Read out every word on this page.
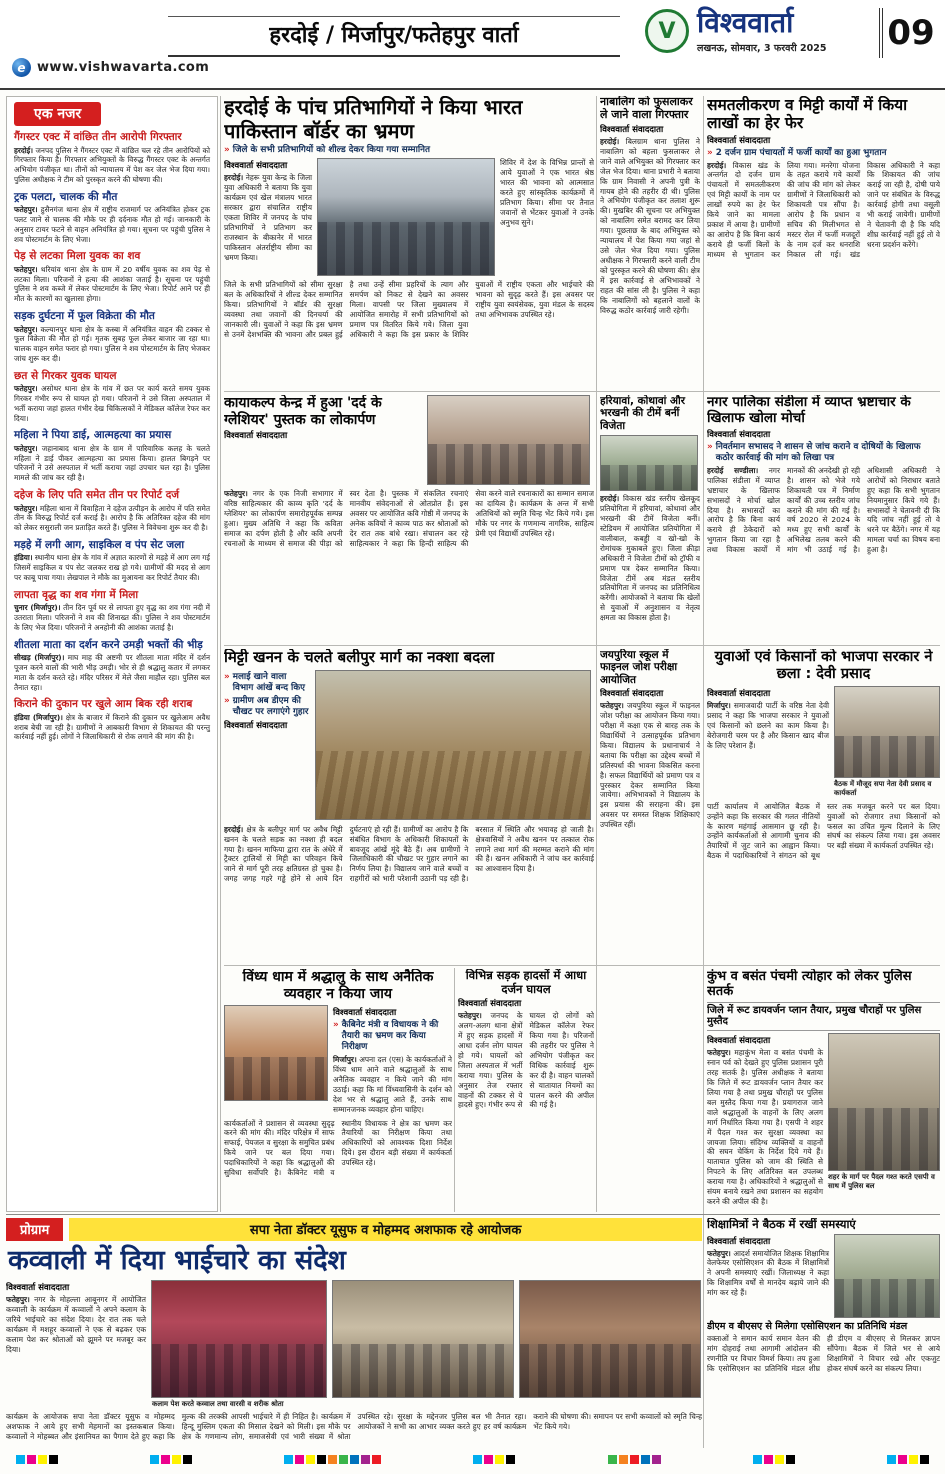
हरदोई / मिर्जापुर/फतेहपुर वार्ता
e www.vishwavarta.com
V विश्ववार्ता
लखनऊ, सोमवार, 3 फरवरी 2025 09
एक नजर
गैंगस्टर एक्ट में वांछित तीन आरोपी गिरफ्तार

हरदोई। जनपद पुलिस ने गैंगस्टर एक्ट में वांछित चल रहे तीन आरोपियों को गिरफ्तार किया है। गिरफ्तार अभियुक्तों के विरुद्ध गैंगस्टर एक्ट के अन्तर्गत अभियोग पंजीकृत था। तीनों को न्यायालय में पेश कर जेल भेज दिया गया। पुलिस अधीक्षक ने टीम को पुरस्कृत करने की घोषणा की।

ट्रक पलटा, चालक की मौत

फतेहपुर। हुसैनगंज थाना क्षेत्र में राष्ट्रीय राजमार्ग पर अनियंत्रित होकर ट्रक पलट जाने से चालक की मौके पर ही दर्दनाक मौत हो गई। जानकारी के अनुसार टायर फटने से वाहन अनियंत्रित हो गया। सूचना पर पहुंची पुलिस ने शव पोस्टमार्टम के लिए भेजा।

पेड़ से लटका मिला युवक का शव

फतेहपुर। थरियांव थाना क्षेत्र के ग्राम में 20 वर्षीय युवक का शव पेड़ से लटका मिला। परिजनों ने हत्या की आशंका जताई है। सूचना पर पहुंची पुलिस ने शव कब्जे में लेकर पोस्टमार्टम के लिए भेजा। रिपोर्ट आने पर ही मौत के कारणों का खुलासा होगा।

सड़क दुर्घटना में फूल विक्रेता की मौत

फतेहपुर। कल्यानपुर थाना क्षेत्र के कस्बा में अनियंत्रित वाहन की टक्कर से फूल विक्रेता की मौत हो गई। मृतक सुबह फूल लेकर बाजार जा रहा था। चालक वाहन समेत फरार हो गया। पुलिस ने शव पोस्टमार्टम के लिए भेजकर जांच शुरू कर दी।

छत से गिरकर युवक घायल

फतेहपुर। असोथर थाना क्षेत्र के गांव में छत पर कार्य करते समय युवक गिरकर गंभीर रूप से घायल हो गया। परिजनों ने उसे जिला अस्पताल में भर्ती कराया जहां हालत गंभीर देख चिकित्सकों ने मेडिकल कॉलेज रेफर कर दिया।

महिला ने पिया डाई, आत्महत्या का प्रयास

फतेहपुर। जहानाबाद थाना क्षेत्र के ग्राम में पारिवारिक कलह के चलते महिला ने डाई पीकर आत्महत्या का प्रयास किया। हालत बिगड़ने पर परिजनों ने उसे अस्पताल में भर्ती कराया जहां उपचार चल रहा है। पुलिस मामले की जांच कर रही है।

दहेज के लिए पति समेत तीन पर रिपोर्ट दर्ज

फतेहपुर। महिला थाना में विवाहिता ने दहेज उत्पीड़न के आरोप में पति समेत तीन के विरुद्ध रिपोर्ट दर्ज कराई है। आरोप है कि अतिरिक्त दहेज की मांग को लेकर ससुराली जन प्रताड़ित करते हैं। पुलिस ने विवेचना शुरू कर दी है।

मड़हे में लगी आग, साइकिल व पंप सेट जला

हंडिया। स्थानीय थाना क्षेत्र के गांव में अज्ञात कारणों से मड़हे में आग लग गई जिसमें साइकिल व पंप सेट जलकर राख हो गये। ग्रामीणों की मदद से आग पर काबू पाया गया। लेखपाल ने मौके का मुआयना कर रिपोर्ट तैयार की।

लापता वृद्ध का शव गंगा में मिला

चुनार (मिर्जापुर)। तीन दिन पूर्व घर से लापता हुए वृद्ध का शव गंगा नदी में उतराता मिला। परिजनों ने शव की शिनाख्त की। पुलिस ने शव पोस्टमार्टम के लिए भेज दिया। परिजनों ने अनहोनी की आशंका जताई है।

शीतला माता का दर्शन करने उमड़ी भक्तों की भीड़

सीखड़ (मिर्जापुर)। माघ माह की अष्टमी पर शीतला माता मंदिर में दर्शन पूजन करने वालों की भारी भीड़ उमड़ी। भोर से ही श्रद्धालु कतार में लगकर माता के दर्शन करते रहे। मंदिर परिसर में मेले जैसा माहौल रहा। पुलिस बल तैनात रहा।

किराने की दुकान पर खुले आम बिक रही शराब

हंडिया (मिर्जापुर)। क्षेत्र के बाजार में किराने की दुकान पर खुलेआम अवैध शराब बेची जा रही है। ग्रामीणों ने आबकारी विभाग से शिकायत की परन्तु कार्रवाई नहीं हुई। लोगों ने जिलाधिकारी से रोक लगाने की मांग की है।

हरदोई के पांच प्रतिभागियों ने किया भारत पाकिस्तान बॉर्डर का भ्रमण
» जिले के सभी प्रतिभागियों को शील्ड देकर किया गया सम्मानित
विश्ववार्ता संवाददाता

हरदोई। नेहरू युवा केन्द्र के जिला युवा अधिकारी ने बताया कि युवा कार्यक्रम एवं खेल मंत्रालय भारत सरकार द्वारा संचालित राष्ट्रीय एकता शिविर में जनपद के पांच प्रतिभागियों ने प्रतिभाग कर राजस्थान के बीकानेर में भारत पाकिस्तान अंतर्राष्ट्रीय सीमा का भ्रमण किया।

शिविर में देश के विभिन्न प्रान्तों से आये युवाओं ने एक भारत श्रेष्ठ भारत की भावना को आत्मसात करते हुए सांस्कृतिक कार्यक्रमों में प्रतिभाग किया। सीमा पर तैनात जवानों से भेंटकर युवाओं ने उनके अनुभव सुने।

जिले के सभी प्रतिभागियों को सीमा सुरक्षा बल के अधिकारियों ने शील्ड देकर सम्मानित किया। प्रतिभागियों ने बॉर्डर की सुरक्षा व्यवस्था तथा जवानों की दिनचर्या की जानकारी ली। युवाओं ने कहा कि इस भ्रमण से उनमें देशभक्ति की भावना और प्रबल हुई है तथा उन्हें सीमा प्रहरियों के त्याग और समर्पण को निकट से देखने का अवसर मिला। वापसी पर जिला मुख्यालय में आयोजित समारोह में सभी प्रतिभागियों को प्रमाण पत्र वितरित किये गये। जिला युवा अधिकारी ने कहा कि इस प्रकार के शिविर युवाओं में राष्ट्रीय एकता और भाईचारे की भावना को सुदृढ़ करते हैं। इस अवसर पर राष्ट्रीय युवा स्वयंसेवक, युवा मंडल के सदस्य तथा अभिभावक उपस्थित रहे।

नाबालिग को फुसलाकर ले जाने वाला गिरफ्तार
विश्ववार्ता संवाददाता

हरदोई। बिलग्राम थाना पुलिस ने नाबालिग को बहला फुसलाकर ले जाने वाले अभियुक्त को गिरफ्तार कर जेल भेज दिया। थाना प्रभारी ने बताया कि ग्राम निवासी ने अपनी पुत्री के गायब होने की तहरीर दी थी। पुलिस ने अभियोग पंजीकृत कर तलाश शुरू की। मुखबिर की सूचना पर अभियुक्त को नाबालिग समेत बरामद कर लिया गया। पूछताछ के बाद अभियुक्त को न्यायालय में पेश किया गया जहां से उसे जेल भेज दिया गया। पुलिस अधीक्षक ने गिरफ्तारी करने वाली टीम को पुरस्कृत करने की घोषणा की। क्षेत्र में इस कार्रवाई से अभिभावकों ने राहत की सांस ली है। पुलिस ने कहा कि नाबालिगों को बहलाने वालों के विरुद्ध कठोर कार्रवाई जारी रहेगी।

समतलीकरण व मिट्टी कार्यों में किया लाखों का हेर फेर
विश्ववार्ता संवाददाता
» 2 दर्जन ग्राम पंचायतों में फर्जी कार्यों का हुआ भुगतान

हरदोई। विकास खंड के अन्तर्गत दो दर्जन ग्राम पंचायतों में समतलीकरण एवं मिट्टी कार्यों के नाम पर लाखों रुपये का हेर फेर किये जाने का मामला प्रकाश में आया है। ग्रामीणों का आरोप है कि बिना कार्य कराये ही फर्जी बिलों के माध्यम से भुगतान कर लिया गया। मनरेगा योजना के तहत कराये गये कार्यों की जांच की मांग को लेकर ग्रामीणों ने जिलाधिकारी को शिकायती पत्र सौंपा है। आरोप है कि प्रधान व सचिव की मिलीभगत से मस्टर रोल में फर्जी मजदूरों के नाम दर्ज कर धनराशि निकाल ली गई। खंड विकास अधिकारी ने कहा कि शिकायत की जांच कराई जा रही है, दोषी पाये जाने पर संबंधित के विरुद्ध कार्रवाई होगी तथा वसूली भी कराई जायेगी। ग्रामीणों ने चेतावनी दी है कि यदि शीघ्र कार्रवाई नहीं हुई तो वे धरना प्रदर्शन करेंगे।

कायाकल्प केन्द्र में हुआ 'दर्द के ग्लेशियर' पुस्तक का लोकार्पण
विश्ववार्ता संवाददाता

फतेहपुर। नगर के एक निजी सभागार में वरिष्ठ साहित्यकार की काव्य कृति 'दर्द के ग्लेशियर' का लोकार्पण समारोहपूर्वक सम्पन्न हुआ। मुख्य अतिथि ने कहा कि कविता समाज का दर्पण होती है और कवि अपनी रचनाओं के माध्यम से समाज की पीड़ा को स्वर देता है। पुस्तक में संकलित रचनाएं मानवीय संवेदनाओं से ओतप्रोत हैं। इस अवसर पर आयोजित कवि गोष्ठी में जनपद के अनेक कवियों ने काव्य पाठ कर श्रोताओं को देर रात तक बांधे रखा। संचालन कर रहे साहित्यकार ने कहा कि हिन्दी साहित्य की सेवा करने वाले रचनाकारों का सम्मान समाज का दायित्व है। कार्यक्रम के अन्त में सभी अतिथियों को स्मृति चिन्ह भेंट किये गये। इस मौके पर नगर के गणमान्य नागरिक, साहित्य प्रेमी एवं विद्यार्थी उपस्थित रहे।

हरियावां, कोथावां और भरखनी की टीमें बनीं विजेता

हरदोई। विकास खंड स्तरीय खेलकूद प्रतियोगिता में हरियावां, कोथावां और भरखनी की टीमें विजेता बनीं। स्टेडियम में आयोजित प्रतियोगिता में वालीबाल, कबड्डी व खो-खो के रोमांचक मुकाबले हुए। जिला क्रीड़ा अधिकारी ने विजेता टीमों को ट्रॉफी व प्रमाण पत्र देकर सम्मानित किया। विजेता टीमें अब मंडल स्तरीय प्रतियोगिता में जनपद का प्रतिनिधित्व करेंगी। आयोजकों ने बताया कि खेलों से युवाओं में अनुशासन व नेतृत्व क्षमता का विकास होता है।

नगर पालिका संडीला में व्याप्त भ्रष्टाचार के खिलाफ खोला मोर्चा
विश्ववार्ता संवाददाता
» निवर्तमान सभासद ने शासन से जांच कराने व दोषियों के खिलाफ कठोर कार्रवाई की मांग को लिखा पत्र

हरदोई सण्डीला। नगर पालिका संडीला में व्याप्त भ्रष्टाचार के खिलाफ सभासदों ने मोर्चा खोल दिया है। सभासदों का आरोप है कि बिना कार्य कराये ही ठेकेदारों को भुगतान किया जा रहा है तथा विकास कार्यों में मानकों की अनदेखी हो रही है। शासन को भेजे गये शिकायती पत्र में निर्माण कार्यों की उच्च स्तरीय जांच कराने की मांग की गई है। वर्ष 2020 से 2024 के मध्य हुए सभी कार्यों के अभिलेख तलब करने की मांग भी उठाई गई है। अधिशासी अधिकारी ने आरोपों को निराधार बताते हुए कहा कि सभी भुगतान नियमानुसार किये गये हैं। सभासदों ने चेतावनी दी कि यदि जांच नहीं हुई तो वे धरने पर बैठेंगे। नगर में यह मामला चर्चा का विषय बना हुआ है।

मिट्टी खनन के चलते बलीपुर मार्ग का नक्शा बदला
» मलाई खाने वाला विभाग आंखें बन्द किए
» ग्रामीण अब डीएम की चौखट पर लगाएंगे गुहार
विश्ववार्ता संवाददाता

हरदोई। क्षेत्र के बलीपुर मार्ग पर अवैध मिट्टी खनन के चलते सड़क का नक्शा ही बदल गया है। खनन माफिया द्वारा रात के अंधेरे में ट्रैक्टर ट्रालियों से मिट्टी का परिवहन किये जाने से मार्ग पूरी तरह क्षतिग्रस्त हो चुका है। जगह जगह गहरे गड्ढे होने से आये दिन दुर्घटनाएं हो रही हैं। ग्रामीणों का आरोप है कि संबंधित विभाग के अधिकारी शिकायतों के बावजूद आंखें मूंदे बैठे हैं। अब ग्रामीणों ने जिलाधिकारी की चौखट पर गुहार लगाने का निर्णय लिया है। विद्यालय जाने वाले बच्चों व राहगीरों को भारी परेशानी उठानी पड़ रही है। बरसात में स्थिति और भयावह हो जाती है। क्षेत्रवासियों ने अवैध खनन पर तत्काल रोक लगाने तथा मार्ग की मरम्मत कराने की मांग की है। खनन अधिकारी ने जांच कर कार्रवाई का आश्वासन दिया है।

जयपुरिया स्कूल में फाइनल जोश परीक्षा आयोजित
विश्ववार्ता संवाददाता

फतेहपुर। जयपुरिया स्कूल में फाइनल जोश परीक्षा का आयोजन किया गया। परीक्षा में कक्षा एक से बारह तक के विद्यार्थियों ने उत्साहपूर्वक प्रतिभाग किया। विद्यालय के प्रधानाचार्य ने बताया कि परीक्षा का उद्देश्य बच्चों में प्रतिस्पर्धा की भावना विकसित करना है। सफल विद्यार्थियों को प्रमाण पत्र व पुरस्कार देकर सम्मानित किया जायेगा। अभिभावकों ने विद्यालय के इस प्रयास की सराहना की। इस अवसर पर समस्त शिक्षक शिक्षिकाएं उपस्थित रहीं।

युवाओं एवं किसानों को भाजपा सरकार ने छला : देवी प्रसाद
विश्ववार्ता संवाददाता

मिर्जापुर। समाजवादी पार्टी के वरिष्ठ नेता देवी प्रसाद ने कहा कि भाजपा सरकार ने युवाओं एवं किसानों को छलने का काम किया है। बेरोजगारी चरम पर है और किसान खाद बीज के लिए परेशान हैं।

बैठक में मौजूद सपा नेता देवी प्रसाद व कार्यकर्ता

पार्टी कार्यालय में आयोजित बैठक में उन्होंने कहा कि सरकार की गलत नीतियों के कारण महंगाई आसमान छू रही है। उन्होंने कार्यकर्ताओं से आगामी चुनाव की तैयारियों में जुट जाने का आह्वान किया। बैठक में पदाधिकारियों ने संगठन को बूथ स्तर तक मजबूत करने पर बल दिया। युवाओं को रोजगार तथा किसानों को फसल का उचित मूल्य दिलाने के लिए संघर्ष का संकल्प लिया गया। इस अवसर पर बड़ी संख्या में कार्यकर्ता उपस्थित रहे।

विंध्य धाम में श्रद्धालु के साथ अनैतिक व्यवहार न किया जाय
विश्ववार्ता संवाददाता
» कैबिनेट मंत्री व विधायक ने की तैयारी का भ्रमण कर किया निरीक्षण

मिर्जापुर। अपना दल (एस) के कार्यकर्ताओं ने विंध्य धाम आने वाले श्रद्धालुओं के साथ अनैतिक व्यवहार न किये जाने की मांग उठाई। कहा कि मां विंध्यवासिनी के दर्शन को देश भर से श्रद्धालु आते हैं, उनके साथ सम्मानजनक व्यवहार होना चाहिए।

कार्यकर्ताओं ने प्रशासन से व्यवस्था सुदृढ़ करने की मांग की। मंदिर परिक्षेत्र में साफ सफाई, पेयजल व सुरक्षा के समुचित प्रबंध किये जाने पर बल दिया गया। पदाधिकारियों ने कहा कि श्रद्धालुओं की सुविधा सर्वोपरि है। कैबिनेट मंत्री व स्थानीय विधायक ने क्षेत्र का भ्रमण कर तैयारियों का निरीक्षण किया तथा अधिकारियों को आवश्यक दिशा निर्देश दिये। इस दौरान बड़ी संख्या में कार्यकर्ता उपस्थित रहे।

विभिन्न सड़क हादसों में आधा दर्जन घायल
विश्ववार्ता संवाददाता

फतेहपुर। जनपद के अलग-अलग थाना क्षेत्रों में हुए सड़क हादसों में आधा दर्जन लोग घायल हो गये। घायलों को जिला अस्पताल में भर्ती कराया गया। पुलिस के अनुसार तेज रफ्तार वाहनों की टक्कर से ये हादसे हुए। गंभीर रूप से घायल दो लोगों को मेडिकल कॉलेज रेफर किया गया है। परिजनों की तहरीर पर पुलिस ने अभियोग पंजीकृत कर विधिक कार्रवाई शुरू कर दी है। वाहन चालकों से यातायात नियमों का पालन करने की अपील की गई है।

कुंभ व बसंत पंचमी त्योहार को लेकर पुलिस सतर्क
जिले में रूट डायवर्जन प्लान तैयार, प्रमुख चौराहों पर पुलिस मुस्तैद
विश्ववार्ता संवाददाता

फतेहपुर। महाकुंभ मेला व बसंत पंचमी के स्नान पर्व को देखते हुए पुलिस प्रशासन पूरी तरह सतर्क है। पुलिस अधीक्षक ने बताया कि जिले में रूट डायवर्जन प्लान तैयार कर लिया गया है तथा प्रमुख चौराहों पर पुलिस बल मुस्तैद किया गया है। प्रयागराज जाने वाले श्रद्धालुओं के वाहनों के लिए अलग मार्ग निर्धारित किया गया है। एसपी ने शहर में पैदल गश्त कर सुरक्षा व्यवस्था का जायजा लिया। संदिग्ध व्यक्तियों व वाहनों की सघन चेकिंग के निर्देश दिये गये हैं। यातायात पुलिस को जाम की स्थिति से निपटने के लिए अतिरिक्त बल उपलब्ध कराया गया है। अधिकारियों ने श्रद्धालुओं से संयम बनाये रखने तथा प्रशासन का सहयोग करने की अपील की है।

शहर के मार्ग पर पैदल गश्त करते एसपी व साथ में पुलिस बल
प्रोग्राम	सपा नेता डॉक्टर यूसुफ व मोहम्मद अशफाक रहे आयोजक
कव्वाली में दिया भाईचारे का संदेश
विश्ववार्ता संवाददाता

फतेहपुर। नगर के मोहल्ला आबूनगर में आयोजित कव्वाली के कार्यक्रम में कव्वालों ने अपने कलाम के जरिये भाईचारे का संदेश दिया। देर रात तक चले कार्यक्रम में मशहूर कव्वालों ने एक से बढ़कर एक कलाम पेश कर श्रोताओं को झूमने पर मजबूर कर दिया।

कलाम पेश करते कव्वाल तथा वारसी व शरीक श्रोता

कार्यक्रम के आयोजक सपा नेता डॉक्टर यूसुफ व मोहम्मद अशफाक ने आये हुए सभी मेहमानों का इस्तकबाल किया। कव्वालों ने मोहब्बत और इंसानियत का पैगाम देते हुए कहा कि मुल्क की तरक्की आपसी भाईचारे में ही निहित है। कार्यक्रम में हिन्दू मुस्लिम एकता की मिसाल देखने को मिली। इस मौके पर क्षेत्र के गणमान्य लोग, समाजसेवी एवं भारी संख्या में श्रोता उपस्थित रहे। सुरक्षा के मद्देनजर पुलिस बल भी तैनात रहा। आयोजकों ने सभी का आभार व्यक्त करते हुए हर वर्ष कार्यक्रम कराने की घोषणा की। समापन पर सभी कव्वालों को स्मृति चिन्ह भेंट किये गये।

शिक्षामित्रों ने बैठक में रखीं समस्याएं
विश्ववार्ता संवाददाता

फतेहपुर। आदर्श समायोजित शिक्षक शिक्षामित्र वेलफेयर एसोसिएशन की बैठक में शिक्षामित्रों ने अपनी समस्याएं रखीं। जिलाध्यक्ष ने कहा कि शिक्षामित्र वर्षों से मानदेय बढ़ाये जाने की मांग कर रहे हैं।

डीएम व बीएसए से मिलेगा एसोसिएशन का प्रतिनिधि मंडल

वक्ताओं ने समान कार्य समान वेतन की मांग दोहराई तथा आगामी आंदोलन की रणनीति पर विचार विमर्श किया। तय हुआ कि एसोसिएशन का प्रतिनिधि मंडल शीघ्र ही डीएम व बीएसए से मिलकर ज्ञापन सौंपेगा। बैठक में जिले भर से आये शिक्षामित्रों ने विचार रखे और एकजुट होकर संघर्ष करने का संकल्प लिया।
